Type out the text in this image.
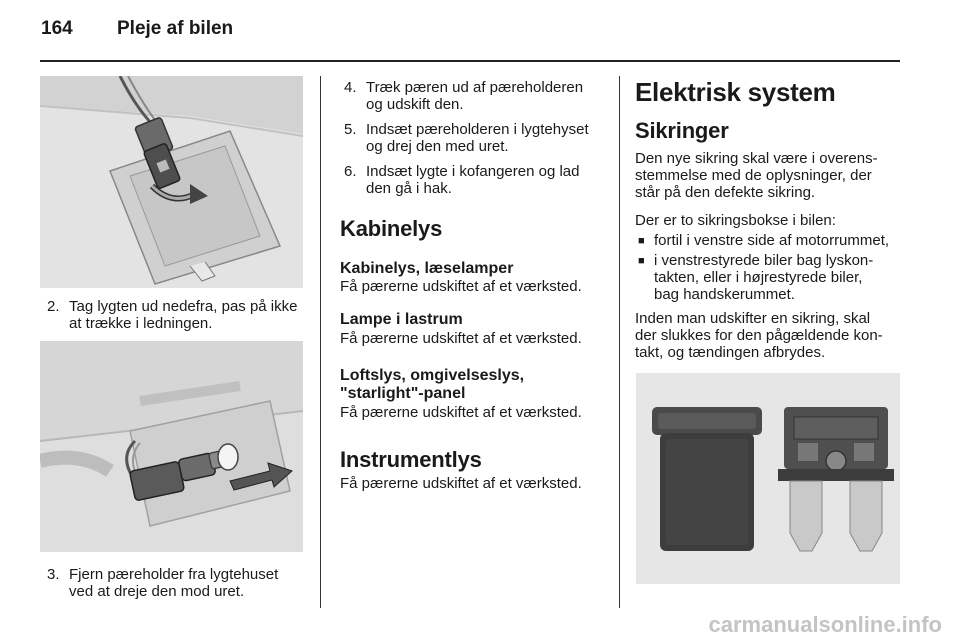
164 Pleje af bilen
2. Tag lygten ud nedefra, pas på ikke
at trække i ledningen.
3. Fjern pæreholder fra lygtehuset
ved at dreje den mod uret.
4. Træk pæren ud af pæreholderen
og udskift den.
5. Indsæt pæreholderen i lygtehyset
og drej den med uret.
6. Indsæt lygte i kofangeren og lad
den gå i hak.
Kabinelys
Kabinelys, læselamper
Få pærerne udskiftet af et værksted.
Lampe i lastrum
Få pærerne udskiftet af et værksted.
Loftslys, omgivelseslys,
"starlight"-panel
Få pærerne udskiftet af et værksted.
Instrumentlys
Få pærerne udskiftet af et værksted.
Elektrisk system
Sikringer
Den nye sikring skal være i overens-
stemmelse med de oplysninger, der
står på den defekte sikring.
Der er to sikringsbokse i bilen:
■ fortil i venstre side af motorrummet,
■ i venstrestyrede biler bag lyskon-
takten, eller i højrestyrede biler,
bag handskerummet.
Inden man udskifter en sikring, skal
der slukkes for den pågældende kon-
takt, og tændingen afbrydes.
carmanualsonline.info
